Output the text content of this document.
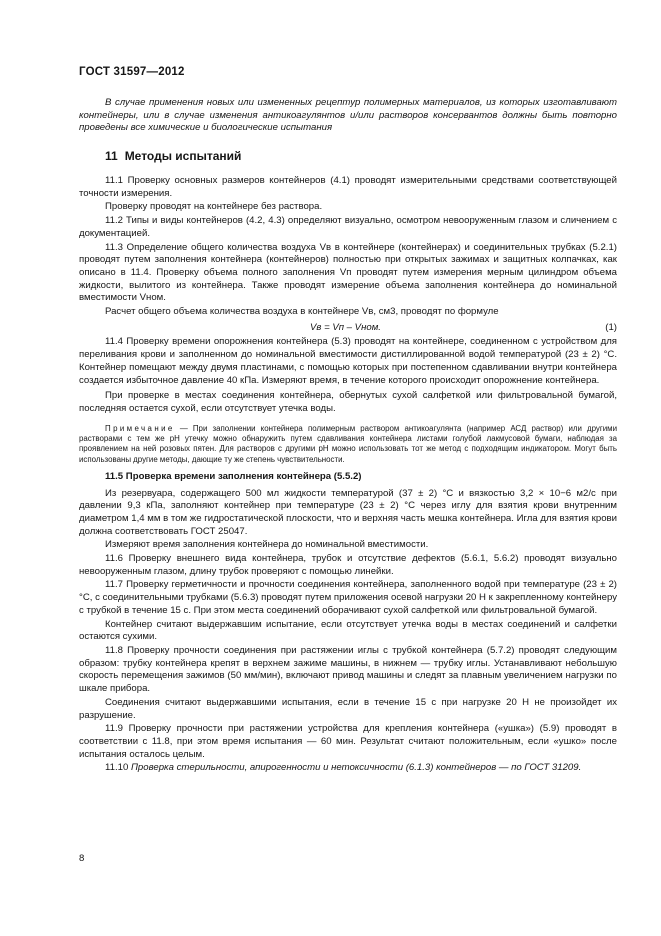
ГОСТ 31597—2012
В случае применения новых или измененных рецептур полимерных материалов, из которых изготавливают контейнеры, или в случае изменения антикоагулянтов и/или растворов консервантов должны быть повторно проведены все химические и биологические испытания
11 Методы испытаний

11.1 Проверку основных размеров контейнеров (4.1) проводят измерительными средствами соответствующей точности измерения.

Проверку проводят на контейнере без раствора.

11.2 Типы и виды контейнеров (4.2, 4.3) определяют визуально, осмотром невооруженным глазом и сличением с документацией.

11.3 Определение общего количества воздуха Vв в контейнере (контейнерах) и соединительных трубках (5.2.1) проводят путем заполнения контейнера (контейнеров) полностью при открытых зажимах и защитных колпачках, как описано в 11.4. Проверку объема полного заполнения Vп проводят путем измерения мерным цилиндром объема жидкости, вылитого из контейнера. Также проводят измерение объема заполнения контейнера до номинальной вместимости Vном.

Расчет общего объема количества воздуха в контейнере Vв, см3, проводят по формуле

Vв = Vп – Vном.	(1)

11.4 Проверку времени опорожнения контейнера (5.3) проводят на контейнере, соединенном с устройством для переливания крови и заполненном до номинальной вместимости дистиллированной водой температурой (23 ± 2) °С. Контейнер помещают между двумя пластинами, с помощью которых при постепенном сдавливании внутри контейнера создается избыточное давление 40 кПа. Измеряют время, в течение которого происходит опорожнение контейнера.

При проверке в местах соединения контейнера, обернутых сухой салфеткой или фильтровальной бумагой, последняя остается сухой, если отсутствует утечка воды.

Примечание — При заполнении контейнера полимерным раствором антикоагулянта (например АСД раствор) или другими растворами с тем же pH утечку можно обнаружить путем сдавливания контейнера листами голубой лакмусовой бумаги, наблюдая за проявлением на ней розовых пятен. Для растворов с другими pH можно использовать тот же метод с подходящим индикатором. Могут быть использованы другие методы, дающие ту же степень чувствительности.

11.5 Проверка времени заполнения контейнера (5.5.2)

Из резервуара, содержащего 500 мл жидкости температурой (37 ± 2) °С и вязкостью 3,2 × 10−6 м2/с при давлении 9,3 кПа, заполняют контейнер при температуре (23 ± 2) °С через иглу для взятия крови внутренним диаметром 1,4 мм в том же гидростатической плоскости, что и верхняя часть мешка контейнера. Игла для взятия крови должна соответствовать ГОСТ 25047.

Измеряют время заполнения контейнера до номинальной вместимости.

11.6 Проверку внешнего вида контейнера, трубок и отсутствие дефектов (5.6.1, 5.6.2) проводят визуально невооруженным глазом, длину трубок проверяют с помощью линейки.

11.7 Проверку герметичности и прочности соединения контейнера, заполненного водой при температуре (23 ± 2) °С, с соединительными трубками (5.6.3) проводят путем приложения осевой нагрузки 20 Н к закрепленному контейнеру с трубкой в течение 15 с. При этом места соединений оборачивают сухой салфеткой или фильтровальной бумагой.

Контейнер считают выдержавшим испытание, если отсутствует утечка воды в местах соединений и салфетки остаются сухими.

11.8 Проверку прочности соединения при растяжении иглы с трубкой контейнера (5.7.2) проводят следующим образом: трубку контейнера крепят в верхнем зажиме машины, в нижнем — трубку иглы. Устанавливают небольшую скорость перемещения зажимов (50 мм/мин), включают привод машины и следят за плавным увеличением нагрузки по шкале прибора.

Соединения считают выдержавшими испытания, если в течение 15 с при нагрузке 20 Н не произойдет их разрушение.

11.9 Проверку прочности при растяжении устройства для крепления контейнера («ушка») (5.9) проводят в соответствии с 11.8, при этом время испытания — 60 мин. Результат считают положительным, если «ушко» после испытания осталось целым.

11.10 Проверка стерильности, апирогенности и нетоксичности (6.1.3) контейнеров — по ГОСТ 31209.

8
